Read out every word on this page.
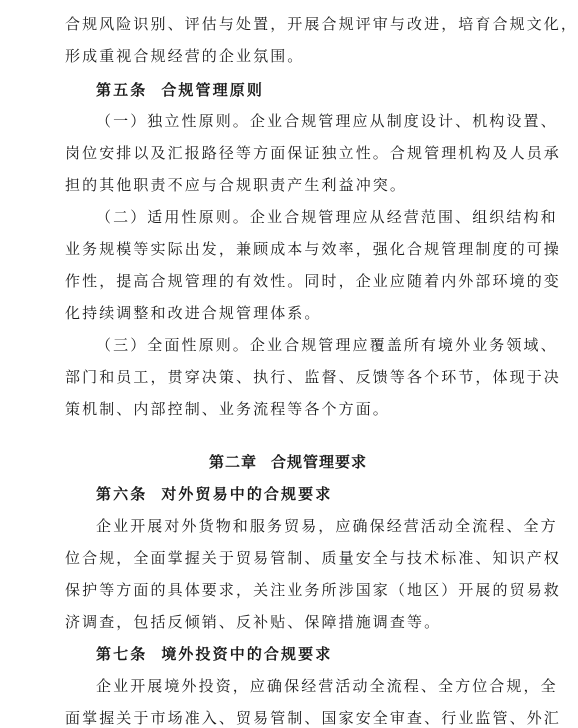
合规风险识别、评估与处置，开展合规评审与改进，培育合规文化，
形成重视合规经营的企业氛围。
第五条 合规管理原则
（一）独立性原则。企业合规管理应从制度设计、机构设置、
岗位安排以及汇报路径等方面保证独立性。合规管理机构及人员承
担的其他职责不应与合规职责产生利益冲突。
（二）适用性原则。企业合规管理应从经营范围、组织结构和
业务规模等实际出发，兼顾成本与效率，强化合规管理制度的可操
作性，提高合规管理的有效性。同时，企业应随着内外部环境的变
化持续调整和改进合规管理体系。
（三）全面性原则。企业合规管理应覆盖所有境外业务领域、
部门和员工，贯穿决策、执行、监督、反馈等各个环节，体现于决
策机制、内部控制、业务流程等各个方面。
第二章 合规管理要求
第六条 对外贸易中的合规要求
企业开展对外货物和服务贸易，应确保经营活动全流程、全方
位合规，全面掌握关于贸易管制、质量安全与技术标准、知识产权
保护等方面的具体要求，关注业务所涉国家（地区）开展的贸易救
济调查，包括反倾销、反补贴、保障措施调查等。
第七条 境外投资中的合规要求
企业开展境外投资，应确保经营活动全流程、全方位合规，全
面掌握关于市场准入、贸易管制、国家安全审查、行业监管、外汇
